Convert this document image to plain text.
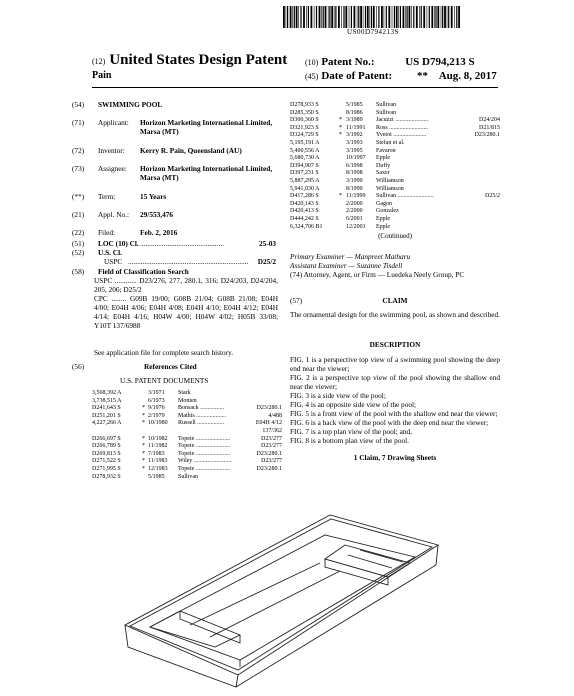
US00D794213S
(12) United States Design Patent
Pain
(10) Patent No.:	US D794,213 S
(45) Date of Patent: ** Aug. 8, 2017
(54)	SWIMMING POOL
(71)	Applicant: Horizon Marketing International Limited, Marsa (MT)
(72)	Inventor: Kerry R. Pain, Queensland (AU)
(73)	Assignee: Horizon Marketing International Limited, Marsa (MT)
(**)	Term:	15 Years
(21)	Appl. No.: 29/553,476
(22)	Filed:	Feb. 2, 2016
(51)	LOC (10) Cl. ..............................................	25-03
(52)	U.S. Cl.
USPC .................................................................. D25/2
(58)	Field of Classification Search
USPC ............ D23/276, 277, 280.1, 316; D24/203, D24/204, 205, 206; D25/2
CPC ........ G09B 19/00; G08B 21/04; G08B 21/08; E04H 4/00; E04H 4/06; E04H 4/08; E04H 4/10; E04H 4/12; E04H 4/14; E04H 4/16; H04W 4/00; H04W 4/02; H05B 33/08; Y10T 137/6988
See application file for complete search history.
(56)	References Cited
U.S. PATENT DOCUMENTS
3,568,392 A	3/1971 Stark
3,738,515 A	6/1973 Monten
D241,643 S	* 9/1976 Bonsack ................	D23/280.1
D251,201 S	* 2/1979 Mathis ....................	4/488
4,227,266 A	* 10/1980 Russell ..................	E04H 4/12
137/362
D266,697 S	* 10/1982 Topete .......................	D23/277
D266,789 S	* 11/1982 Topete .......................	D23/277
D269,813 S	* 7/1983 Topete .......................	D23/280.1
D271,522 S	* 11/1983 Wiley .........................	D23/277
D271,995 S	* 12/1983 Topete .......................	D23/280.1
D278,932 S	5/1985 Sullivan
D278,933 S	5/1985 Sullivan
D285,350 S	8/1986 Sullivan
D300,360 S	* 3/1989 Jacuzzi ......................	D24/204
D321,923 S	* 11/1991 Ross ..........................	D21/815
D324,729 S	* 3/1992 Yvetot ......................	D23/280.1
5,195,191 A	3/1993 Stefan et al.
5,400,556 A	3/1995 Favaron
5,680,730 A	10/1997 Epple
D394,907 S	6/1998 Duffy
D397,231 S	8/1998 Saxer
5,887,295 A	3/1999 Williamson
5,941,030 A	8/1999 Williamson
D417,286 S	* 11/1999 Sullivan ........................	D25/2
D420,143 S	2/2000 Gagon
D420,413 S	2/2000 Gonzalez
D444,242 S	6/2001 Epple
6,324,706 B1	12/2001 Epple
(Continued)
Primary Examiner — Manpreet Matharu
Assistant Examiner — Suzanne Tisdell
(74) Attorney, Agent, or Firm — Luedeka Neely Group, PC
(57)	CLAIM
The ornamental design for the swimming pool, as shown and described.
DESCRIPTION
FIG. 1 is a perspective top view of a swimming pool showing the deep end near the viewer;
FIG. 2 is a perspective top view of the pool showing the shallow end near the viewer;
FIG. 3 is a side view of the pool;
FIG. 4 is an opposite side view of the pool;
FIG. 5 is a front view of the pool with the shallow end near the viewer;
FIG. 6 is a back view of the pool with the deep end near the viewer;
FIG. 7 is a top plan view of the pool; and,
FIG. 8 is a bottom plan view of the pool.
1 Claim, 7 Drawing Sheets
